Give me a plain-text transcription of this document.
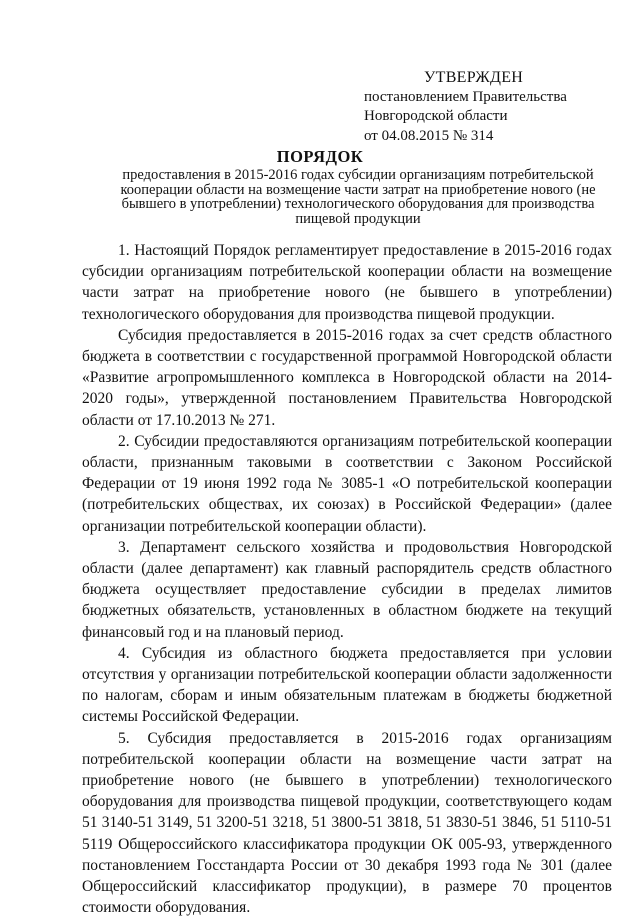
УТВЕРЖДЕН
постановлением Правительства
Новгородской области
от 04.08.2015 № 314
ПОРЯДОК
предоставления в 2015-2016 годах субсидии организациям потребительской кооперации области на возмещение части затрат на приобретение нового (не бывшего в употреблении) технологического оборудования для производства пищевой продукции

1. Настоящий Порядок регламентирует предоставление в 2015-2016 годах субсидии организациям потребительской кооперации области на возмещение части затрат на приобретение нового (не бывшего в употреблении) технологического оборудования для производства пищевой продукции.

Субсидия предоставляется в 2015-2016 годах за счет средств областного бюджета в соответствии с государственной программой Новгородской области «Развитие агропромышленного комплекса в Новгородской области на 2014-2020 годы», утвержденной постановлением Правительства Новгородской области от 17.10.2013 № 271.

2. Субсидии предоставляются организациям потребительской кооперации области, признанным таковыми в соответствии с Законом Российской Федерации от 19 июня 1992 года № 3085-1 «О потребительской кооперации (потребительских обществах, их союзах) в Российской Федерации» (далее организации потребительской кооперации области).

3. Департамент сельского хозяйства и продовольствия Новгородской области (далее департамент) как главный распорядитель средств областного бюджета осуществляет предоставление субсидии в пределах лимитов бюджетных обязательств, установленных в областном бюджете на текущий финансовый год и на плановый период.

4. Субсидия из областного бюджета предоставляется при условии отсутствия у организации потребительской кооперации области задолженности по налогам, сборам и иным обязательным платежам в бюджеты бюджетной системы Российской Федерации.

5. Субсидия предоставляется в 2015-2016 годах организациям потребительской кооперации области на возмещение части затрат на приобретение нового (не бывшего в употреблении) технологического оборудования для производства пищевой продукции, соответствующего кодам 51 3140-51 3149, 51 3200-51 3218, 51 3800-51 3818, 51 3830-51 3846, 51 5110-51 5119 Общероссийского классификатора продукции ОК 005-93, утвержденного постановлением Госстандарта России от 30 декабря 1993 года № 301 (далее Общероссийский классификатор продукции), в размере 70 процентов стоимости оборудования.
